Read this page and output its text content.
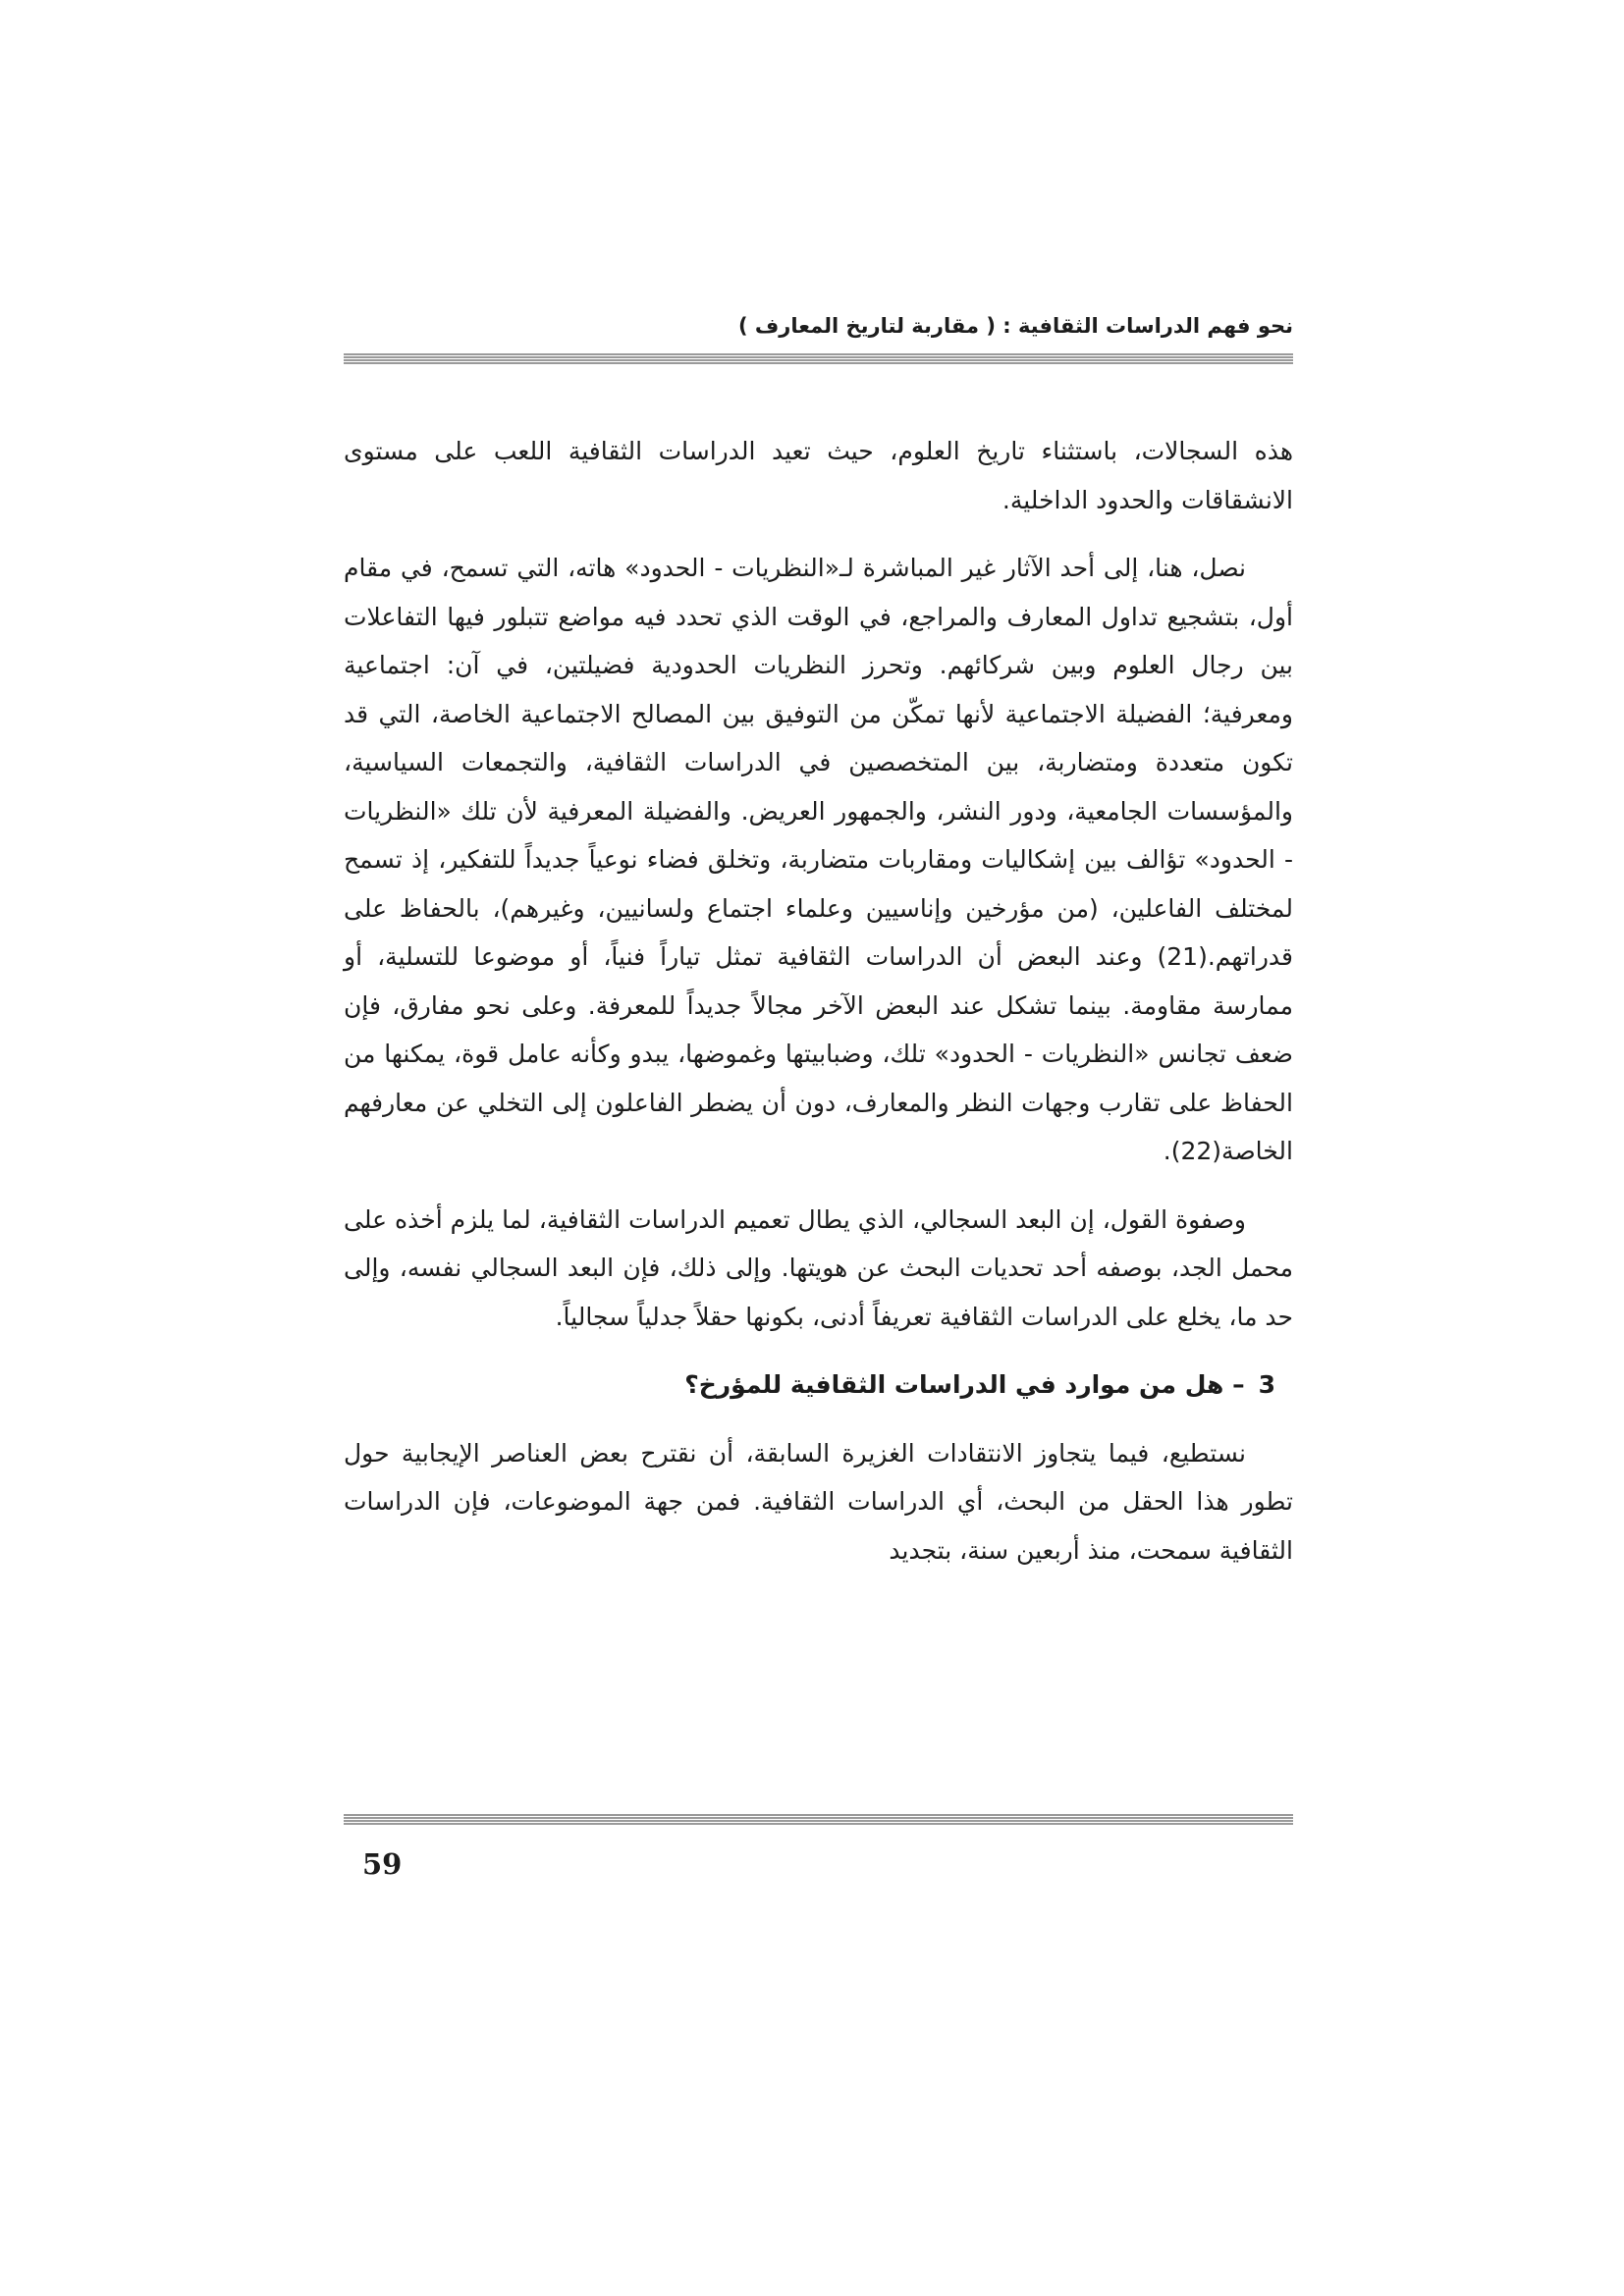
نحو فهم الدراسات الثقافية : ( مقاربة لتاريخ المعارف )

هذه السجالات، باستثناء تاريخ العلوم، حيث تعيد الدراسات الثقافية اللعب على مستوى الانشقاقات والحدود الداخلية.

نصل، هنا، إلى أحد الآثار غير المباشرة لـ«النظريات - الحدود» هاته، التي تسمح، في مقام أول، بتشجيع تداول المعارف والمراجع، في الوقت الذي تحدد فيه مواضع تتبلور فيها التفاعلات بين رجال العلوم وبين شركائهم. وتحرز النظريات الحدودية فضيلتين، في آن: اجتماعية ومعرفية؛ الفضيلة الاجتماعية لأنها تمكّن من التوفيق بين المصالح الاجتماعية الخاصة، التي قد تكون متعددة ومتضاربة، بين المتخصصين في الدراسات الثقافية، والتجمعات السياسية، والمؤسسات الجامعية، ودور النشر، والجمهور العريض. والفضيلة المعرفية لأن تلك «النظريات - الحدود» تؤالف بين إشكاليات ومقاربات متضاربة، وتخلق فضاء نوعياً جديداً للتفكير، إذ تسمح لمختلف الفاعلين، (من مؤرخين وإناسيين وعلماء اجتماع ولسانيين، وغيرهم)، بالحفاظ على قدراتهم.(21) وعند البعض أن الدراسات الثقافية تمثل تياراً فنياً، أو موضوعا للتسلية، أو ممارسة مقاومة. بينما تشكل عند البعض الآخر مجالاً جديداً للمعرفة. وعلى نحو مفارق، فإن ضعف تجانس «النظريات - الحدود» تلك، وضبابيتها وغموضها، يبدو وكأنه عامل قوة، يمكنها من الحفاظ على تقارب وجهات النظر والمعارف، دون أن يضطر الفاعلون إلى التخلي عن معارفهم الخاصة(22).

وصفوة القول، إن البعد السجالي، الذي يطال تعميم الدراسات الثقافية، لما يلزم أخذه على محمل الجد، بوصفه أحد تحديات البحث عن هويتها. وإلى ذلك، فإن البعد السجالي نفسه، وإلى حد ما، يخلع على الدراسات الثقافية تعريفاً أدنى، بكونها حقلاً جدلياً سجالياً.

3– هل من موارد في الدراسات الثقافية للمؤرخ؟

نستطيع، فيما يتجاوز الانتقادات الغزيرة السابقة، أن نقترح بعض العناصر الإيجابية حول تطور هذا الحقل من البحث، أي الدراسات الثقافية. فمن جهة الموضوعات، فإن الدراسات الثقافية سمحت، منذ أربعين سنة، بتجديد

59
